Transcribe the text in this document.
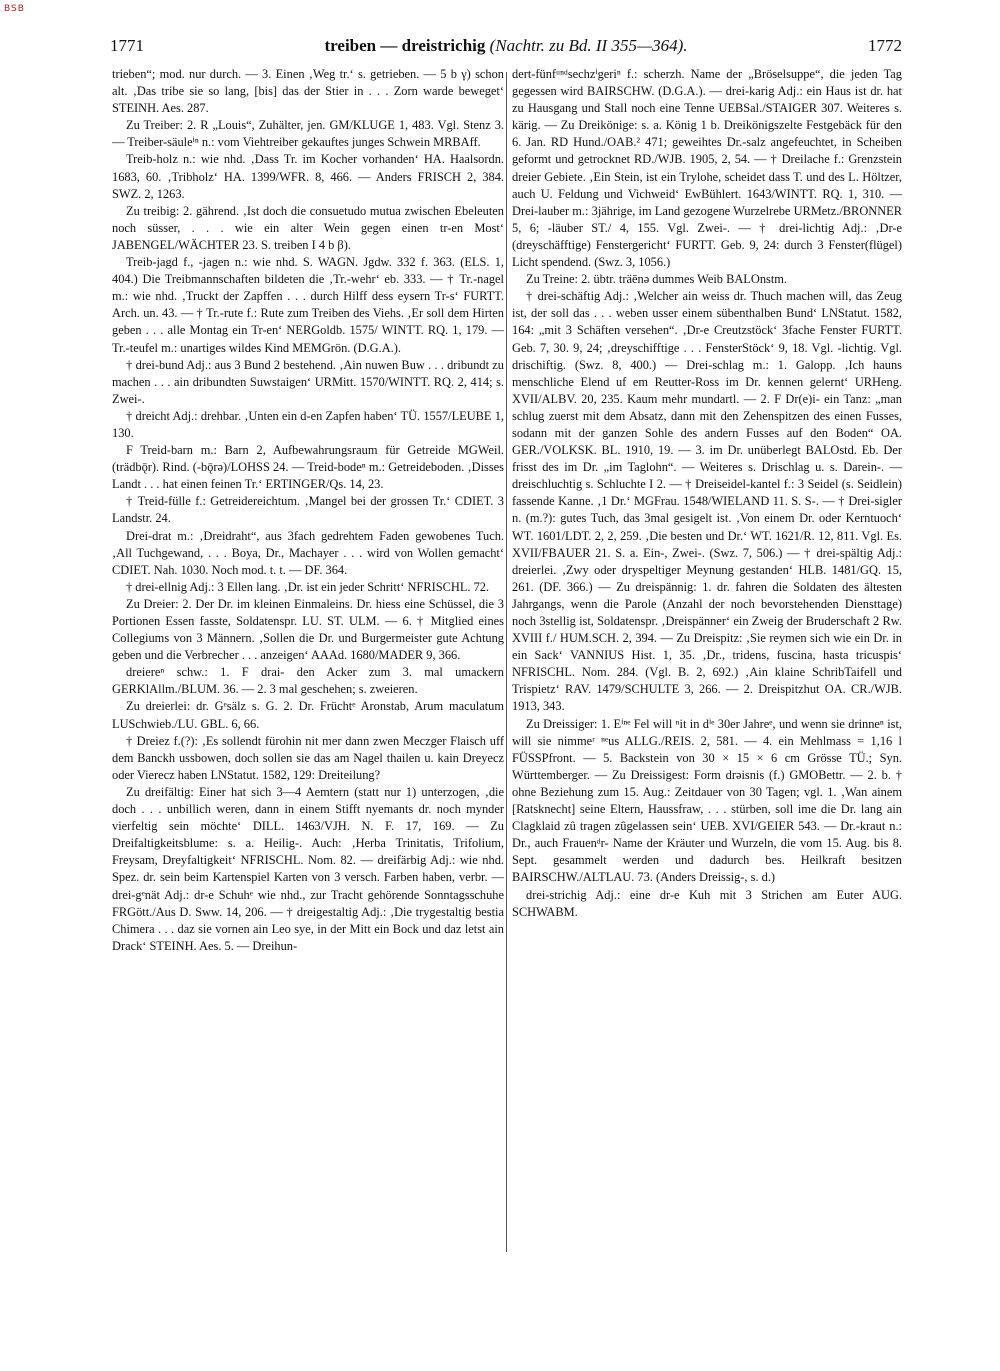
BSB
1771	treiben — dreistrichig (Nachtr. zu Bd. II 355—364).	1772

trieben“; mod. nur durch. — 3. Einen ‚Weg tr.‘ s. getrieben. — 5 b γ) schon alt. ‚Das tribe sie so lang, [bis] das der Stier in . . . Zorn warde beweget‘ STEINH. Aes. 287.

Zu Treiber: 2. R „Louis“, Zuhälter, jen. GM/KLUGE 1, 483. Vgl. Stenz 3. — Treiber-säuleⁱⁿ n.: vom Viehtreiber gekauftes junges Schwein MRBAff.

Treib-holz n.: wie nhd. ‚Dass Tr. im Kocher vorhanden‘ HA. Haalsordn. 1683, 60. ‚Tribholz‘ HA. 1399/WFR. 8, 466. — Anders FRISCH 2, 384. SWZ. 2, 1263.

Zu treibig: 2. gährend. ‚Ist doch die consuetudo mutua zwischen Ebeleuten noch süsser, . . . wie ein alter Wein gegen einen tr-en Most‘ JABENGEL/WÄCHTER 23. S. treiben I 4 b β).

Treib-jagd f., -jagen n.: wie nhd. S. WAGN. Jgdw. 332 f. 363. (ELS. 1, 404.) Die Treibmannschaften bildeten die ‚Tr.-wehr‘ eb. 333. — † Tr.-nagel m.: wie nhd. ‚Truckt der Zapffen . . . durch Hilff dess eysern Tr-s‘ FURTT. Arch. un. 43. — † Tr.-rute f.: Rute zum Treiben des Viehs. ‚Er soll dem Hirten geben . . . alle Montag ein Tr-en‘ NERGoldb. 1575/ WINTT. RQ. 1, 179. — Tr.-teufel m.: unartiges wildes Kind MEMGrön. (D.G.A.).

† drei-bund Adj.: aus 3 Bund 2 bestehend. ‚Ain nuwen Buw . . . dribundt zu machen . . . ain dribundten Suwstaigen‘ URMitt. 1570/WINTT. RQ. 2, 414; s. Zwei-.

† dreicht Adj.: drehbar. ‚Unten ein d-en Zapfen haben‘ TÜ. 1557/LEUBE 1, 130.

F Treid-barn m.: Barn 2, Aufbewahrungsraum für Getreide MGWeil. (trädbǭr). Rind. (-bǭrə)/LOHSS 24. — Treid-bodeⁿ m.: Getreideboden. ‚Disses Landt . . . hat einen feinen Tr.‘ ERTINGER/Qs. 14, 23.

† Treid-fülle f.: Getreidereichtum. ‚Mangel bei der grossen Tr.‘ CDIET. 3 Landstr. 24.

Drei-drat m.: ‚Dreidraht“, aus 3fach gedrehtem Faden gewobenes Tuch. ‚All Tuchgewand, . . . Boya, Dr., Machayer . . . wird von Wollen gemacht‘ CDIET. Nah. 1030. Noch mod. t. t. — DF. 364.

† drei-ellnig Adj.: 3 Ellen lang. ‚Dr. ist ein jeder Schritt‘ NFRISCHL. 72.

Zu Dreier: 2. Der Dr. im kleinen Einmaleins. Dr. hiess eine Schüssel, die 3 Portionen Essen fasste, Soldatenspr. LU. ST. ULM. — 6. † Mitglied eines Collegiums von 3 Männern. ‚Sollen die Dr. und Burgermeister gute Achtung geben und die Verbrecher . . . anzeigen‘ AAAd. 1680/MADER 9, 366.

dreiereⁿ schw.: 1. F drai- den Acker zum 3. mal umackern GERKlAllm./BLUM. 36. — 2. 3 mal geschehen; s. zweieren.

Zu dreierlei: dr. Gᵉsälz s. G. 2. Dr. Früchtᵉ Aronstab, Arum maculatum LUSchwieb./LU. GBL. 6, 66.

† Dreiez f.(?): ‚Es sollendt fürohin nit mer dann zwen Meczger Flaisch uff dem Banckh ussbowen, doch sollen sie das am Nagel thailen u. kain Dreyecz oder Viereсz haben LNStatut. 1582, 129: Dreiteilung?

Zu dreifältig: Einer hat sich 3—4 Aemtern (statt nur 1) unterzogen, ‚die doch . . . unbillich weren, dann in einem Stifft nyemants dr. noch mynder vierfeltig sein möchte‘ DILL. 1463/VJH. N. F. 17, 169. — Zu Dreifaltigkeitsblume: s. a. Heilig-. Auch: ‚Herba Trinitatis, Trifolium, Freysam, Dreyfaltigkeit‘ NFRISCHL. Nom. 82. — dreifärbig Adj.: wie nhd. Spez. dr. sein beim Kartenspiel Karten von 3 versch. Farben haben, verbr. — drei-gᵉnät Adj.: dr-e Schuhᵉ wie nhd., zur Tracht gehörende Sonntagsschuhe FRGött./Aus D. Sww. 14, 206. — † dreigestaltig Adj.: ‚Die trygestaltig bestia Chimera . . . daz sie vornen ain Leo sye, in der Mitt ein Bock und daz letst ain Drack‘ STEINH. Aes. 5. — Dreihun-

dert-fünfᵘⁿᵈsechzⁱgeriⁿ f.: scherzh. Name der „Bröselsuppe“, die jeden Tag gegessen wird BAIRSCHW. (D.G.A.). — drei-karig Adj.: ein Haus ist dr. hat zu Hausgang und Stall noch eine Tenne UEBSal./STAIGER 307. Weiteres s. kärig. — Zu Dreikönige: s. a. König 1 b. Dreikönigszelte Festgebäck für den 6. Jan. RD Hund./OAB.² 471; geweihtes Dr.-salz angefeuchtet, in Scheiben geformt und getrocknet RD./WJB. 1905, 2, 54. — † Dreilache f.: Grenzstein dreier Gebiete. ‚Ein Stein, ist ein Trylohe, scheidet dass T. und des L. Höltzer, auch U. Feldung und Vichweid‘ EwBühlert. 1643/WINTT. RQ. 1, 310. — Drei-lauber m.: 3jährige, im Land gezogene Wurzelrebe URMetz./BRONNER 5, 6; -läuber ST./ 4, 155. Vgl. Zwei-. — † drei-lichtig Adj.: ‚Dr-e (dreyschäfftige) Fenstergericht‘ FURTT. Geb. 9, 24: durch 3 Fenster(flügel) Licht spendend. (Swz. 3, 1056.)

Zu Treine: 2. übtr. träēnə dummes Weib BALOnstm.

† drei-schäftig Adj.: ‚Welcher ain weiss dr. Thuch machen will, das Zeug ist, der soll das . . . weben usser einem sübenthalben Bund‘ LNStatut. 1582, 164: „mit 3 Schäften versehen“. ‚Dr-e Creutzstöck‘ 3fache Fenster FURTT. Geb. 7, 30. 9, 24; ‚dreyschifftige . . . FensterStöck‘ 9, 18. Vgl. -lichtig. Vgl. drischiftig. (Swz. 8, 400.) — Drei-schlag m.: 1. Galopp. ‚Ich hauns menschliche Elend uf em Reutter-Ross im Dr. kennen gelernt‘ URHeng. XVII/ALBV. 20, 235. Kaum mehr mundartl. — 2. F Dr(e)i- ein Tanz: „man schlug zuerst mit dem Absatz, dann mit den Zehenspitzen des einen Fusses, sodann mit der ganzen Sohle des andern Fusses auf den Boden“ OA. GER./VOLKSK. BL. 1910, 19. — 3. im Dr. unüberlegt BALOstd. Eb. Der frisst des im Dr. „im Taglohn“. — Weiteres s. Drischlag u. s. Darein-. — dreischluchtig s. Schluchte I 2. — † Dreiseidel-kantel f.: 3 Seidel (s. Seidlein) fassende Kanne. ‚1 Dr.‘ MGFrau. 1548/WIELAND 11. S. S-. — † Drei-sigler n. (m.?): gutes Tuch, das 3mal gesigelt ist. ‚Von einem Dr. oder Kerntuoch‘ WT. 1601/LDT. 2, 2, 259. ‚Die besten und Dr.‘ WT. 1621/R. 12, 811. Vgl. Es. XVII/FBAUER 21. S. a. Ein-, Zwei-. (Swz. 7, 506.) — † drei-spältig Adj.: dreierlei. ‚Zwy oder dryspeltiger Meynung gestanden‘ HLB. 1481/GQ. 15, 261. (DF. 366.) — Zu dreispännig: 1. dr. fahren die Soldaten des ältesten Jahrgangs, wenn die Parole (Anzahl der noch bevorstehenden Diensttage) noch 3stellig ist, Soldatenspr. ‚Dreispänner‘ ein Zweig der Bruderschaft 2 Rw. XVIII f./ HUM.SCH. 2, 394. — Zu Dreispitz: ‚Sie reymen sich wie ein Dr. in ein Sack‘ VANNIUS Hist. 1, 35. ‚Dr., tridens, fuscina, hasta tricuspis‘ NFRISCHL. Nom. 284. (Vgl. B. 2, 692.) ‚Ain klaine SchribTaifell und Trispietz‘ RAV. 1479/SCHULTE 3, 266. — 2. Dreispitzhut OA. CR./WJB. 1913, 343.

Zu Dreissiger: 1. Eⁱⁿᵉ Fel will ⁿit in dⁱᵉ 30er Jahreᵉ, und wenn sie drinneⁿ ist, will sie nimmeʳ ⁿᵉus ALLG./REIS. 2, 581. — 4. ein Mehlmass = 1,16 l FÜSSPfront. — 5. Backstein von 30 × 15 × 6 cm Grösse TÜ.; Syn. Württemberger. — Zu Dreissigest: Form drəisnis (f.) GMOBettr. — 2. b. † ohne Beziehung zum 15. Aug.: Zeitdauer von 30 Tagen; vgl. 1. ‚Wan ainem [Ratsknecht] seine Eltern, Haussfraw, . . . stürben, soll ime die Dr. lang ain Clagklaid zû tragen zûgelassen sein‘ UEB. XVI/GEIER 543. — Dr.-kraut n.: Dr., auch Frauenᵈr- Name der Kräuter und Wurzeln, die vom 15. Aug. bis 8. Sept. gesammelt werden und dadurch bes. Heilkraft besitzen BAIRSCHW./ALTLAU. 73. (Anders Dreissig-, s. d.)

drei-strichig Adj.: eine dr-e Kuh mit 3 Strichen am Euter AUG. SCHWABM.
